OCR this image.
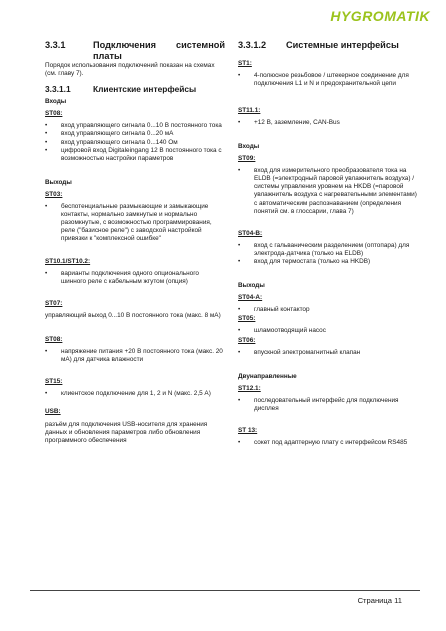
HYGROMATIK
3.3.1	Подключения системной платы
Порядок использования подключений показан на схемах (см. главу 7).
3.3.1.1	Клиентские интерфейсы
Входы
ST08:
•	вход управляющего сигнала 0...10 В постоянного тока
•	вход управляющего сигнала 0...20 мА
•	вход управляющего сигнала 0...140 Ом
•	цифровой вход Digitaleingang 12 В постоянного тока с возможностью настройки параметров
Выходы
ST03:
•	беспотенциальные размыкающие и замыкающие контакты, нормально замкнутые и нормально разомкнутые, с возможностью программирования, реле ("базисное реле") с заводской настройкой привязки к "комплексной ошибке"
ST10.1/ST10.2:
•	варианты подключения одного опционального шинного реле с кабельным жгутом (опция)
ST07:
управляющий выход 0...10 В постоянного тока (макс. 8 мА)
ST08:
•	напряжение питания +20 В постоянного тока (макс. 20 мА) для датчика влажности
ST15:
•	клиентское подключение для 1, 2 и N (макс. 2,5 А)
USB:
разъём для подключения USB-носителя для хранения данных и обновления параметров либо обновления программного обеспечения
3.3.1.2	Системные интерфейсы
ST1:
•	4-полюсное резьбовое / штекерное соединение для подключения L1 и N и предохранительной цепи
ST11.1:
•	+12 В, заземление, CAN-Bus
Входы
ST09:
•	вход для измерительного преобразователя тока на ELDB (=электродный паровой увлажнитель воздуха) / системы управления уровнем на HKDB (=паровой увлажнитель воздуха с нагревательными элементами) с автоматическим распознаванием (определения понятий см. в глоссарии, глава 7)
ST04-B:
•	вход с гальваническим разделением (оптопара) для электрода-датчика (только на ELDB)
•	вход для термостата (только на HKDB)
Выходы
ST04-A:
•	главный контактор
ST05:
•	шламоотводящий насос
ST06:
•	впускной электромагнитный клапан
Двунаправленные
ST12.1:
•	последовательный интерфейс для подключения дисплея
ST 13:
•	сокет под адаптерную плату с интерфейсом RS485
Страница 11
